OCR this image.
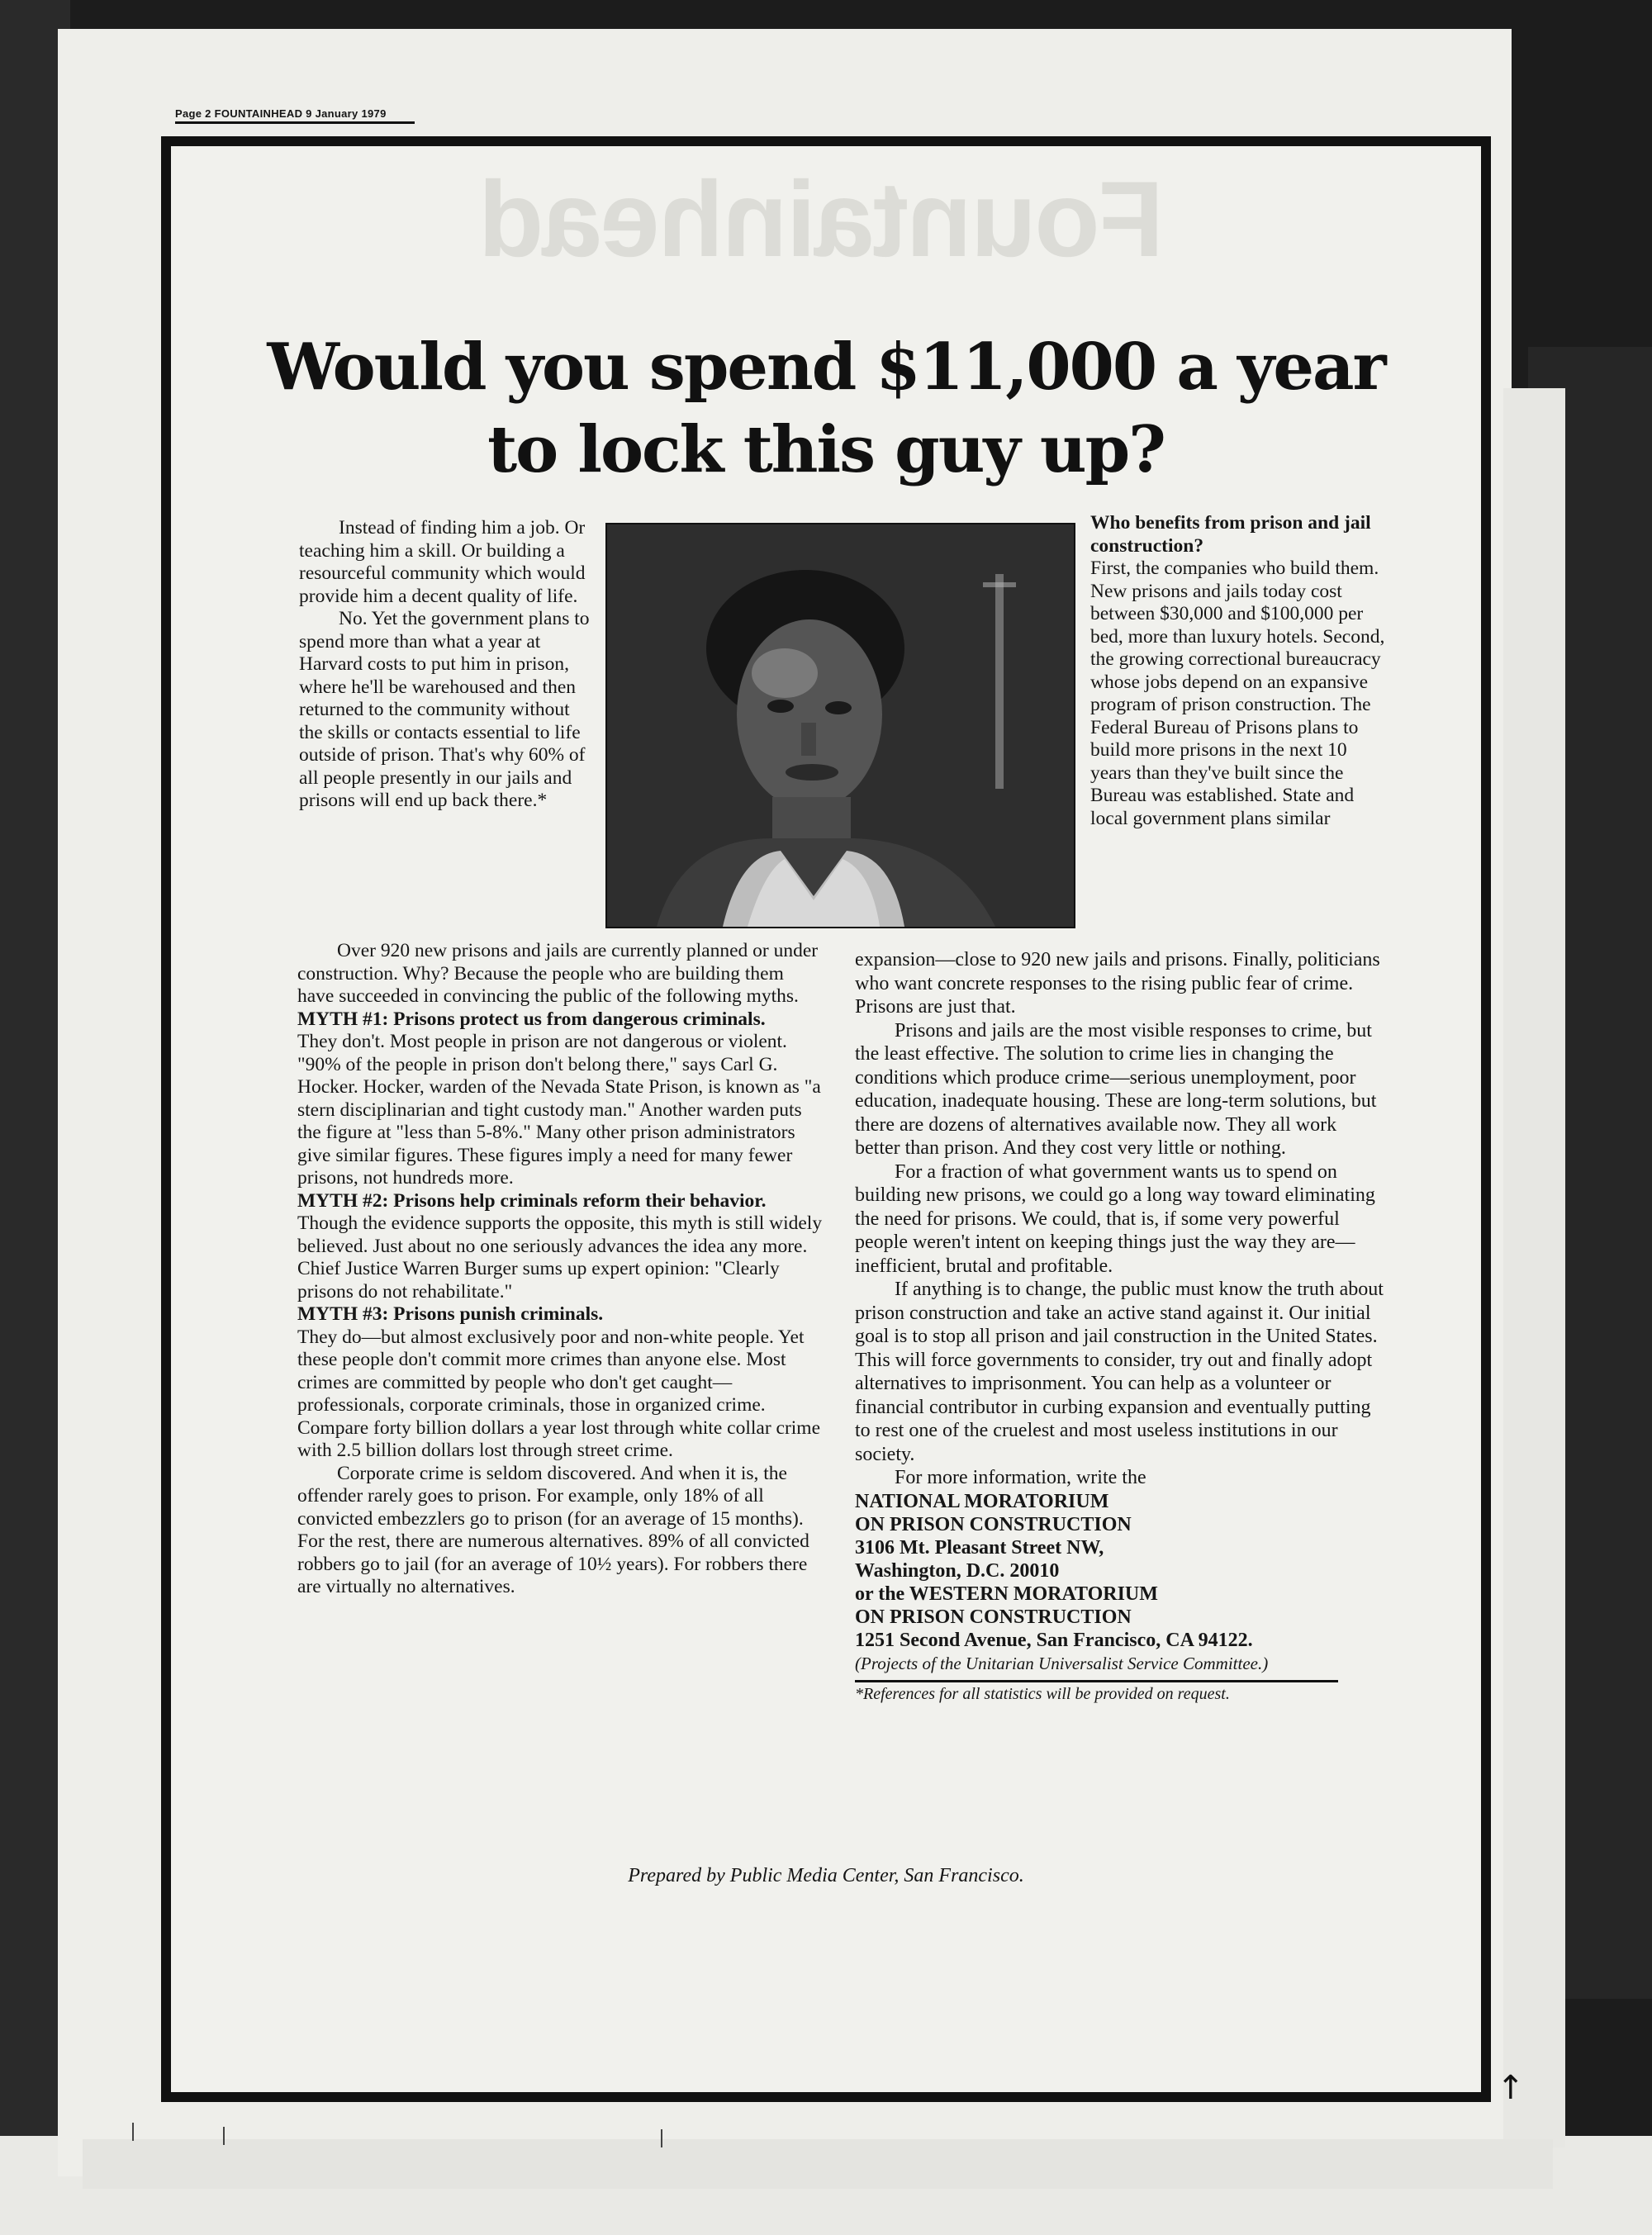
Page 2 FOUNTAINHEAD 9 January 1979
Fountainhead
Would you spend $11,000 a year
to lock this guy up?

Instead of finding him a job. Or teaching him a skill. Or building a resourceful community which would provide him a decent quality of life.

No. Yet the government plans to spend more than what a year at Harvard costs to put him in prison, where he'll be warehoused and then returned to the community without the skills or contacts essential to life outside of prison. That's why 60% of all people presently in our jails and prisons will end up back there.*

Over 920 new prisons and jails are currently planned or under construction. Why? Because the people who are building them have succeeded in convincing the public of the following myths.

MYTH #1: Prisons protect us from dangerous criminals.

They don't. Most people in prison are not dangerous or violent. "90% of the people in prison don't belong there," says Carl G. Hocker. Hocker, warden of the Nevada State Prison, is known as "a stern disciplinarian and tight custody man." Another warden puts the figure at "less than 5-8%." Many other prison administrators give similar figures. These figures imply a need for many fewer prisons, not hundreds more.

MYTH #2: Prisons help criminals reform their behavior.

Though the evidence supports the opposite, this myth is still widely believed. Just about no one seriously advances the idea any more. Chief Justice Warren Burger sums up expert opinion: "Clearly prisons do not rehabilitate."

MYTH #3: Prisons punish criminals.

They do—but almost exclusively poor and non-white people. Yet these people don't commit more crimes than anyone else. Most crimes are committed by people who don't get caught—professionals, corporate criminals, those in organized crime. Compare forty billion dollars a year lost through white collar crime with 2.5 billion dollars lost through street crime.

Corporate crime is seldom discovered. And when it is, the offender rarely goes to prison. For example, only 18% of all convicted embezzlers go to prison (for an average of 15 months). For the rest, there are numerous alternatives. 89% of all convicted robbers go to jail (for an average of 10½ years). For robbers there are virtually no alternatives.

Who benefits from prison and jail construction?

First, the companies who build them. New prisons and jails today cost between $30,000 and $100,000 per bed, more than luxury hotels. Second, the growing correctional bureaucracy whose jobs depend on an expansive program of prison construction. The Federal Bureau of Prisons plans to build more prisons in the next 10 years than they've built since the Bureau was established. State and local government plans similar

expansion—close to 920 new jails and prisons. Finally, politicians who want concrete responses to the rising public fear of crime. Prisons are just that.

Prisons and jails are the most visible responses to crime, but the least effective. The solution to crime lies in changing the conditions which produce crime—serious unemployment, poor education, inadequate housing. These are long-term solutions, but there are dozens of alternatives available now. They all work better than prison. And they cost very little or nothing.

For a fraction of what government wants us to spend on building new prisons, we could go a long way toward eliminating the need for prisons. We could, that is, if some very powerful people weren't intent on keeping things just the way they are—inefficient, brutal and profitable.

If anything is to change, the public must know the truth about prison construction and take an active stand against it. Our initial goal is to stop all prison and jail construction in the United States. This will force governments to consider, try out and finally adopt alternatives to imprisonment. You can help as a volunteer or financial contributor in curbing expansion and eventually putting to rest one of the cruelest and most useless institutions in our society.

For more information, write the

NATIONAL MORATORIUM

ON PRISON CONSTRUCTION

3106 Mt. Pleasant Street NW,

Washington, D.C. 20010

or the WESTERN MORATORIUM

ON PRISON CONSTRUCTION

1251 Second Avenue, San Francisco, CA 94122.

(Projects of the Unitarian Universalist Service Committee.)

*References for all statistics will be provided on request.

Prepared by Public Media Center, San Francisco.
↑
